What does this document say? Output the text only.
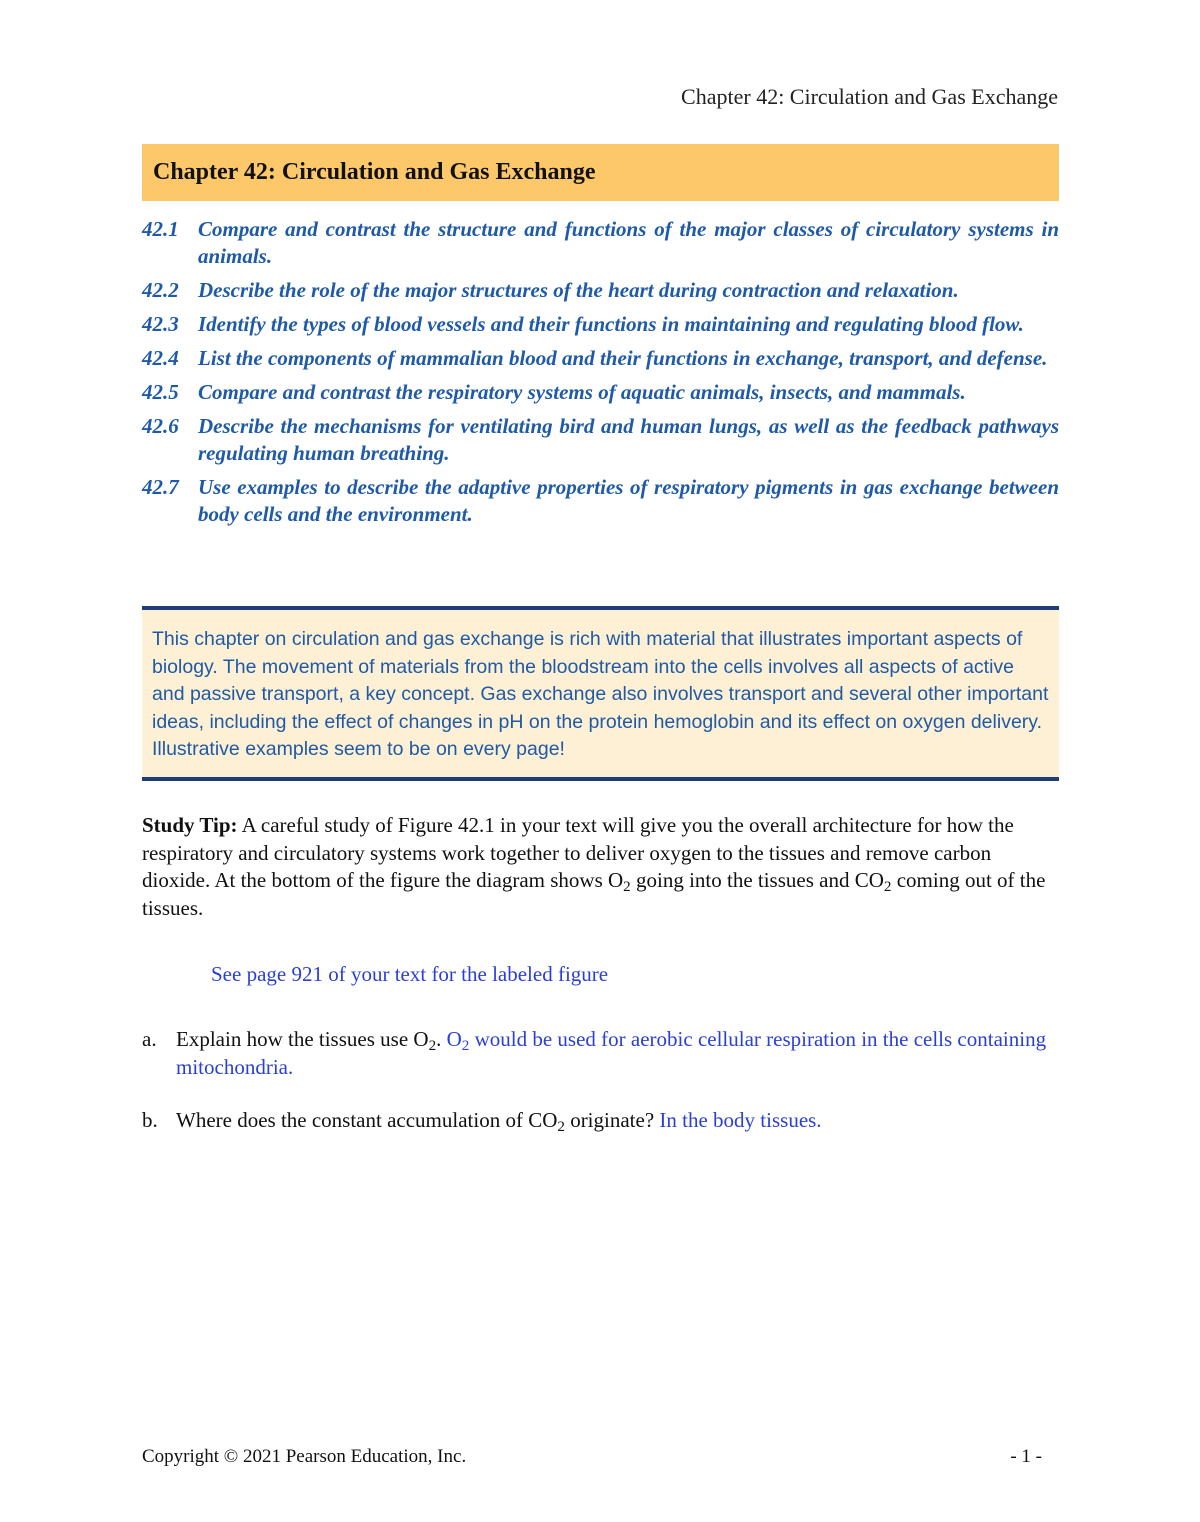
Chapter 42: Circulation and Gas Exchange
Chapter 42: Circulation and Gas Exchange
42.1 Compare and contrast the structure and functions of the major classes of circulatory systems in animals.
42.2 Describe the role of the major structures of the heart during contraction and relaxation.
42.3 Identify the types of blood vessels and their functions in maintaining and regulating blood flow.
42.4 List the components of mammalian blood and their functions in exchange, transport, and defense.
42.5 Compare and contrast the respiratory systems of aquatic animals, insects, and mammals.
42.6 Describe the mechanisms for ventilating bird and human lungs, as well as the feedback pathways regulating human breathing.
42.7 Use examples to describe the adaptive properties of respiratory pigments in gas exchange between body cells and the environment.

This chapter on circulation and gas exchange is rich with material that illustrates important aspects of biology. The movement of materials from the bloodstream into the cells involves all aspects of active and passive transport, a key concept. Gas exchange also involves transport and several other important ideas, including the effect of changes in pH on the protein hemoglobin and its effect on oxygen delivery. Illustrative examples seem to be on every page!

Study Tip: A careful study of Figure 42.1 in your text will give you the overall architecture for how the respiratory and circulatory systems work together to deliver oxygen to the tissues and remove carbon dioxide. At the bottom of the figure the diagram shows $O_2$ going into the tissues and $CO_2$ coming out of the tissues.

See page 921 of your text for the labeled figure
a. Explain how the tissues use $O_2$. $O_2$ would be used for aerobic cellular respiration in the cells containing mitochondria.
b. Where does the constant accumulation of $CO_2$ originate? In the body tissues.
Copyright © 2021 Pearson Education, Inc.	- 1 -
